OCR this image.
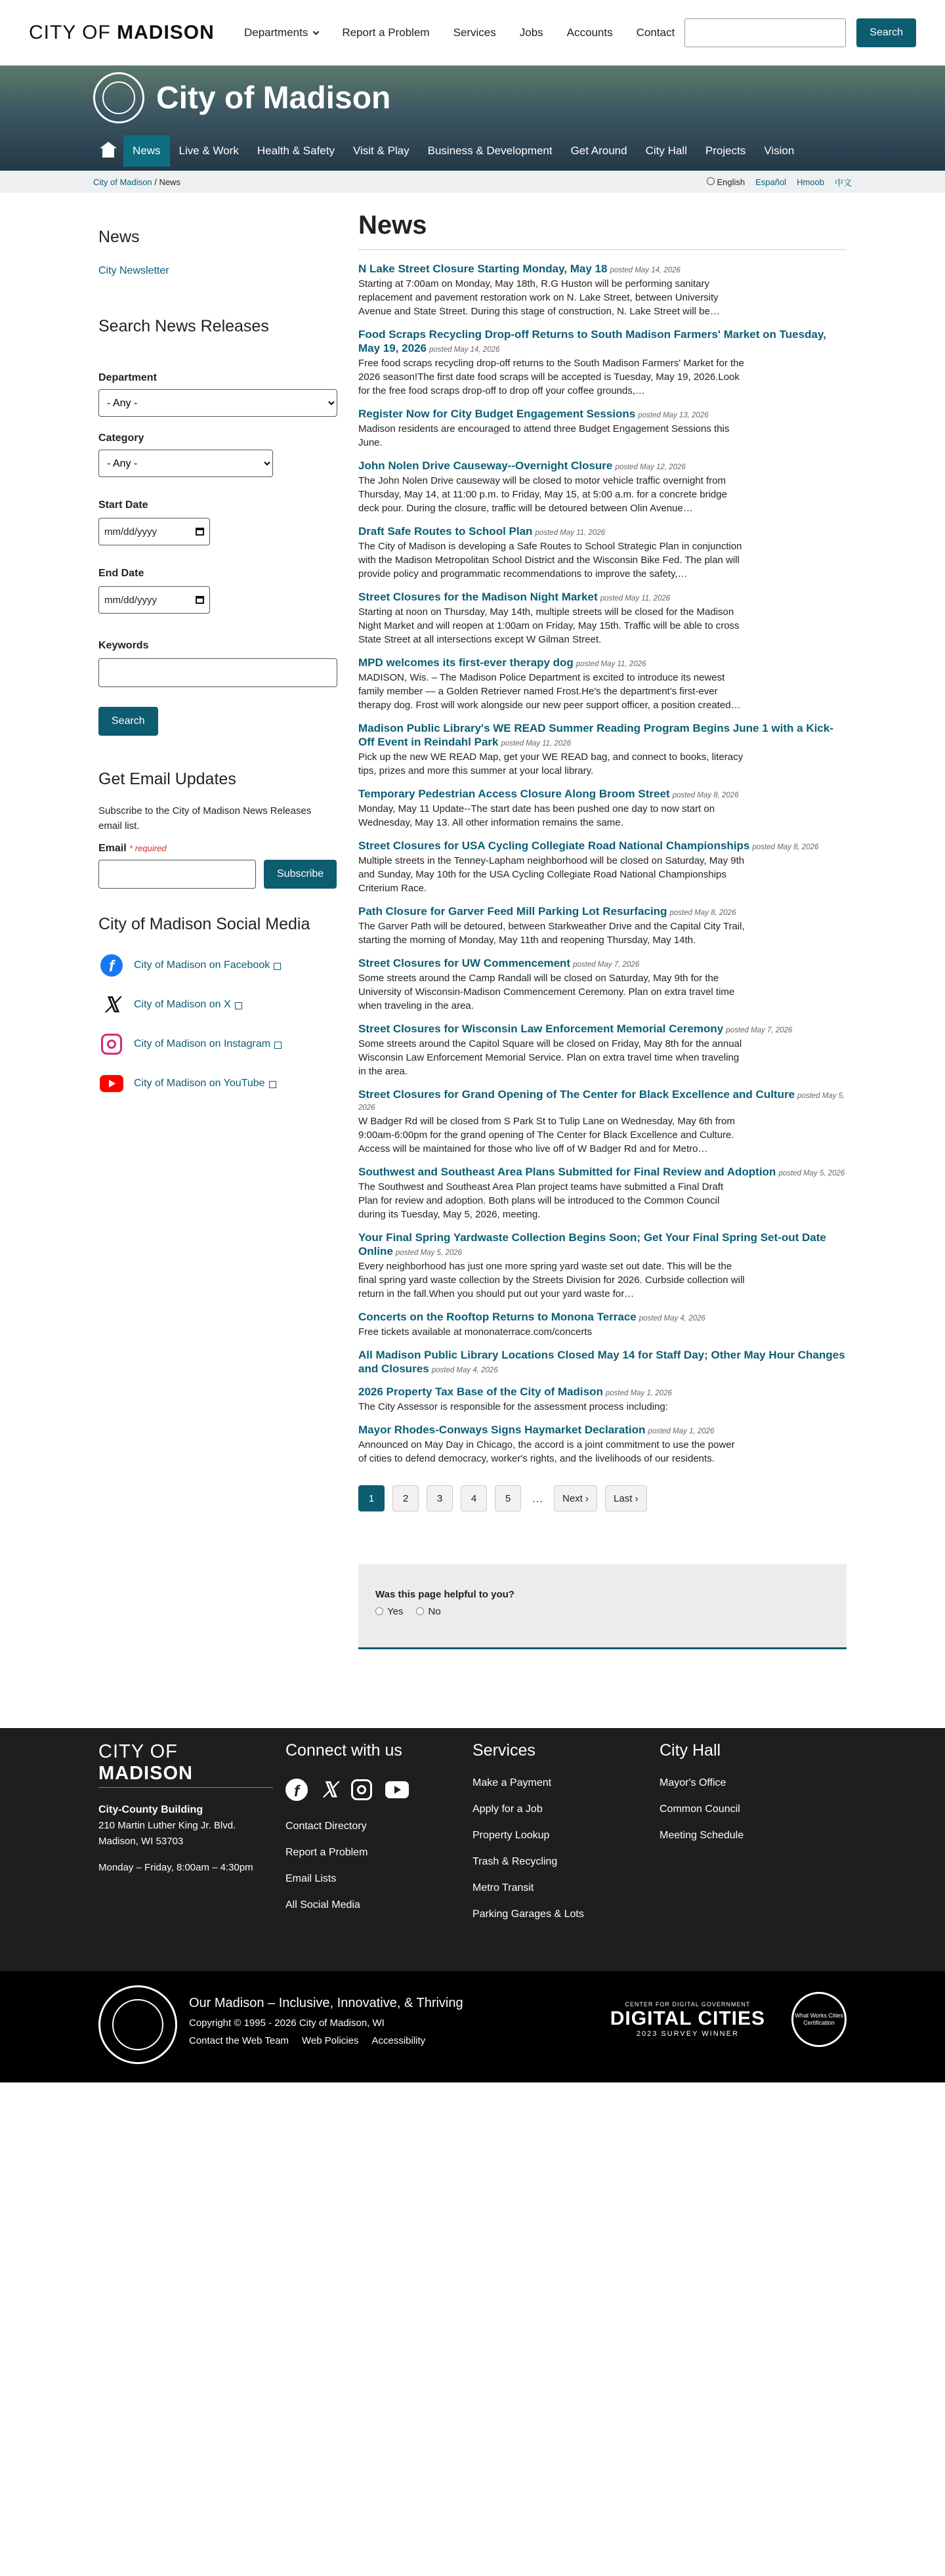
CITY OF MADISON	Departments	Report a Problem Services Jobs Accounts Contact	Search
City of Madison
News	Live & Work	Health & Safety	Visit & Play	Business & Development	Get Around	City Hall	Projects	Vision
City of Madison / News	English Español Hmoob 中文
News
City Newsletter
Search News Releases
Department
- Any -
Category
- Any -
Start Date
mm/dd/yyyy
End Date
mm/dd/yyyy
Keywords
Search
Get Email Updates

Subscribe to the City of Madison News Releases email list.

Email * required
Subscribe
City of Madison Social Media
f	City of Madison on Facebook
𝕏 City of Madison on X
City of Madison on Instagram
City of Madison on YouTube
News
N Lake Street Closure Starting Monday, May 18 posted May 14, 2026

Starting at 7:00am on Monday, May 18th, R.G Huston will be performing sanitary replacement and pavement restoration work on N. Lake Street, between University Avenue and State Street. During this stage of construction, N. Lake Street will be…

Food Scraps Recycling Drop-off Returns to South Madison Farmers' Market on Tuesday, May 19, 2026 posted May 14, 2026

Free food scraps recycling drop-off returns to the South Madison Farmers' Market for the 2026 season!The first date food scraps will be accepted is Tuesday, May 19, 2026.Look for the free food scraps drop-off to drop off your coffee grounds,…

Register Now for City Budget Engagement Sessions posted May 13, 2026

Madison residents are encouraged to attend three Budget Engagement Sessions this June.

John Nolen Drive Causeway--Overnight Closure posted May 12, 2026

The John Nolen Drive causeway will be closed to motor vehicle traffic overnight from Thursday, May 14, at 11:00 p.m. to Friday, May 15, at 5:00 a.m. for a concrete bridge deck pour. During the closure, traffic will be detoured between Olin Avenue…

Draft Safe Routes to School Plan posted May 11, 2026

The City of Madison is developing a Safe Routes to School Strategic Plan in conjunction with the Madison Metropolitan School District and the Wisconsin Bike Fed. The plan will provide policy and programmatic recommendations to improve the safety,…

Street Closures for the Madison Night Market posted May 11, 2026

Starting at noon on Thursday, May 14th, multiple streets will be closed for the Madison Night Market and will reopen at 1:00am on Friday, May 15th. Traffic will be able to cross State Street at all intersections except W Gilman Street.

MPD welcomes its first-ever therapy dog posted May 11, 2026

MADISON, Wis. – The Madison Police Department is excited to introduce its newest family member — a Golden Retriever named Frost.He's the department's first-ever therapy dog. Frost will work alongside our new peer support officer, a position created…

Madison Public Library's WE READ Summer Reading Program Begins June 1 with a Kick-Off Event in Reindahl Park posted May 11, 2026

Pick up the new WE READ Map, get your WE READ bag, and connect to books, literacy tips, prizes and more this summer at your local library.

Temporary Pedestrian Access Closure Along Broom Street posted May 8, 2026

Monday, May 11 Update--The start date has been pushed one day to now start on Wednesday, May 13. All other information remains the same.

Street Closures for USA Cycling Collegiate Road National Championships posted May 8, 2026

Multiple streets in the Tenney-Lapham neighborhood will be closed on Saturday, May 9th and Sunday, May 10th for the USA Cycling Collegiate Road National Championships Criterium Race.

Path Closure for Garver Feed Mill Parking Lot Resurfacing posted May 8, 2026

The Garver Path will be detoured, between Starkweather Drive and the Capital City Trail, starting the morning of Monday, May 11th and reopening Thursday, May 14th.

Street Closures for UW Commencement posted May 7, 2026

Some streets around the Camp Randall will be closed on Saturday, May 9th for the University of Wisconsin-Madison Commencement Ceremony. Plan on extra travel time when traveling in the area.

Street Closures for Wisconsin Law Enforcement Memorial Ceremony posted May 7, 2026

Some streets around the Capitol Square will be closed on Friday, May 8th for the annual Wisconsin Law Enforcement Memorial Service. Plan on extra travel time when traveling in the area.

Street Closures for Grand Opening of The Center for Black Excellence and Culture posted May 5, 2026

W Badger Rd will be closed from S Park St to Tulip Lane on Wednesday, May 6th from 9:00am-6:00pm for the grand opening of The Center for Black Excellence and Culture. Access will be maintained for those who live off of W Badger Rd and for Metro…

Southwest and Southeast Area Plans Submitted for Final Review and Adoption posted May 5, 2026

The Southwest and Southeast Area Plan project teams have submitted a Final Draft Plan for review and adoption. Both plans will be introduced to the Common Council during its Tuesday, May 5, 2026, meeting.

Your Final Spring Yardwaste Collection Begins Soon; Get Your Final Spring Set-out Date Online posted May 5, 2026

Every neighborhood has just one more spring yard waste set out date. This will be the final spring yard waste collection by the Streets Division for 2026. Curbside collection will return in the fall.When you should put out your yard waste for…

Concerts on the Rooftop Returns to Monona Terrace posted May 4, 2026

Free tickets available at mononaterrace.com/concerts

All Madison Public Library Locations Closed May 14 for Staff Day; Other May Hour Changes and Closures posted May 4, 2026
2026 Property Tax Base of the City of Madison posted May 1, 2026

The City Assessor is responsible for the assessment process including:

Mayor Rhodes-Conways Signs Haymarket Declaration posted May 1, 2026

Announced on May Day in Chicago, the accord is a joint commitment to use the power of cities to defend democracy, worker's rights, and the livelihoods of our residents.

1	2	3	4	5	…	Next ›	Last ›
Was this page helpful to you?
Yes	No
CITY OF MADISON
City-County Building
210 Martin Luther King Jr. Blvd.
Madison, WI 53703

Monday – Friday, 8:00am – 4:30pm
Connect with us
f	𝕏
Contact Directory
Report a Problem
Email Lists
All Social Media
Services
Make a Payment
Apply for a Job
Property Lookup
Trash & Recycling
Metro Transit
Parking Garages & Lots
City Hall
Mayor's Office
Common Council
Meeting Schedule
Our Madison – Inclusive, Innovative, & Thriving
Copyright © 1995 - 2026 City of Madison, WI
Contact the Web Team Web Policies Accessibility
CENTER FOR DIGITAL GOVERNMENT
DIGITAL CITIES
2023 SURVEY WINNER
What Works Cities Certification
